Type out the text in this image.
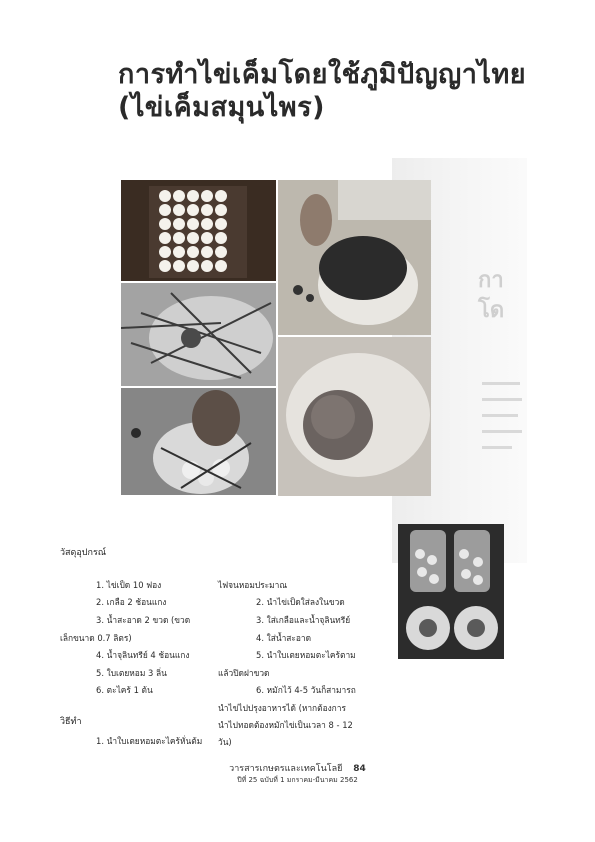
การทำไข่เค็มโดยใช้ภูมิปัญญาไทย
(ไข่เค็มสมุนไพร)
กา
โด
วัสดุอุปกรณ์
1. ไข่เป็ด 10 ฟอง
2. เกลือ 2 ช้อนแกง
3. น้ำสะอาด 2 ขวด (ขวด
เล็กขนาด 0.7 ลิตร)
4. น้ำจุลินทรีย์ 4 ช้อนแกง
5. ใบเตยหอม 3 ลิ่น
6. ตะไคร้ 1 ต้น
วิธีทำ
1. นำใบเตยหอมตะไคร้หั่นต้ม
ไฟจนหอมประมาณ
2. นำไข่เป็ดใส่ลงในขวด
3. ใส่เกลือและน้ำจุลินทรีย์
4. ใส่น้ำสะอาด
5. นำใบเตยหอมตะไคร้ตาม
แล้วปิดฝาขวด
6. หมักไว้ 4-5 วันก็สามารถ
นำไข่ไปปรุงอาหารได้ (หากต้องการ
นำไปทอดต้องหมักไข่เป็นเวลา 8 - 12
วัน)
วารสารเกษตรและเทคโนโลยี 84
ปีที่ 25 ฉบับที่ 1 มกราคม-มีนาคม 2562
